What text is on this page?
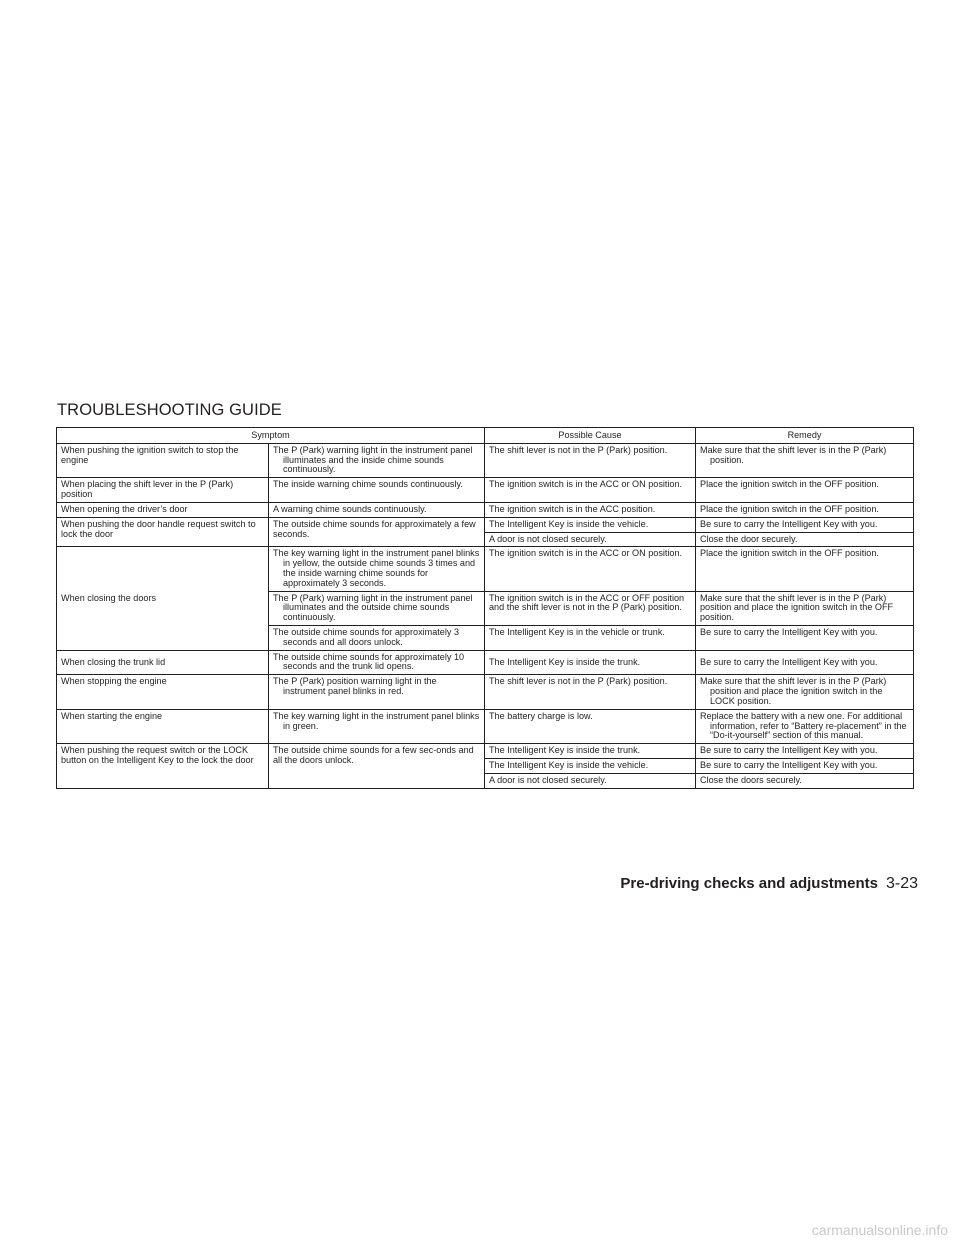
TROUBLESHOOTING GUIDE
Symptom		Possible Cause	Remedy
When pushing the ignition switch to stop the engine	The P (Park) warning light in the instrument panel illuminates and the inside chime sounds continuously.	The shift lever is not in the P (Park) position.	Make sure that the shift lever is in the P (Park) position.
When placing the shift lever in the P (Park) position	The inside warning chime sounds continuously.	The ignition switch is in the ACC or ON position.	Place the ignition switch in the OFF position.
When opening the driver’s door	A warning chime sounds continuously.	The ignition switch is in the ACC position.	Place the ignition switch in the OFF position.
When pushing the door handle request switch to lock the door	The outside chime sounds for approximately a few seconds.	The Intelligent Key is inside the vehicle.	Be sure to carry the Intelligent Key with you.
		A door is not closed securely.	Close the door securely.
When closing the doors	The key warning light in the instrument panel blinks in yellow, the outside chime sounds 3 times and the inside warning chime sounds for approximately 3 seconds.	The ignition switch is in the ACC or ON position.	Place the ignition switch in the OFF position.
	The P (Park) warning light in the instrument panel illuminates and the outside chime sounds continuously.	The ignition switch is in the ACC or OFF position and the shift lever is not in the P (Park) position.	Make sure that the shift lever is in the P (Park) position and place the ignition switch in the OFF position.
	The outside chime sounds for approximately 3 seconds and all doors unlock.	The Intelligent Key is in the vehicle or trunk.	Be sure to carry the Intelligent Key with you.
When closing the trunk lid	The outside chime sounds for approximately 10 seconds and the trunk lid opens.	The Intelligent Key is inside the trunk.	Be sure to carry the Intelligent Key with you.
When stopping the engine	The P (Park) position warning light in the instrument panel blinks in red.	The shift lever is not in the P (Park) position.	Make sure that the shift lever is in the P (Park) position and place the ignition switch in the LOCK position.
When starting the engine	The key warning light in the instrument panel blinks in green.	The battery charge is low.	Replace the battery with a new one. For additional information, refer to “Battery re-placement” in the “Do-it-yourself” section of this manual.
When pushing the request switch or the LOCK button on the Intelligent Key to the lock the door	The outside chime sounds for a few sec-onds and all the doors unlock.	The Intelligent Key is inside the trunk.	Be sure to carry the Intelligent Key with you.
		The Intelligent Key is inside the vehicle.	Be sure to carry the Intelligent Key with you.
		A door is not closed securely.	Close the doors securely.
Pre-driving checks and adjustments 3-23
carmanualsonline.info
